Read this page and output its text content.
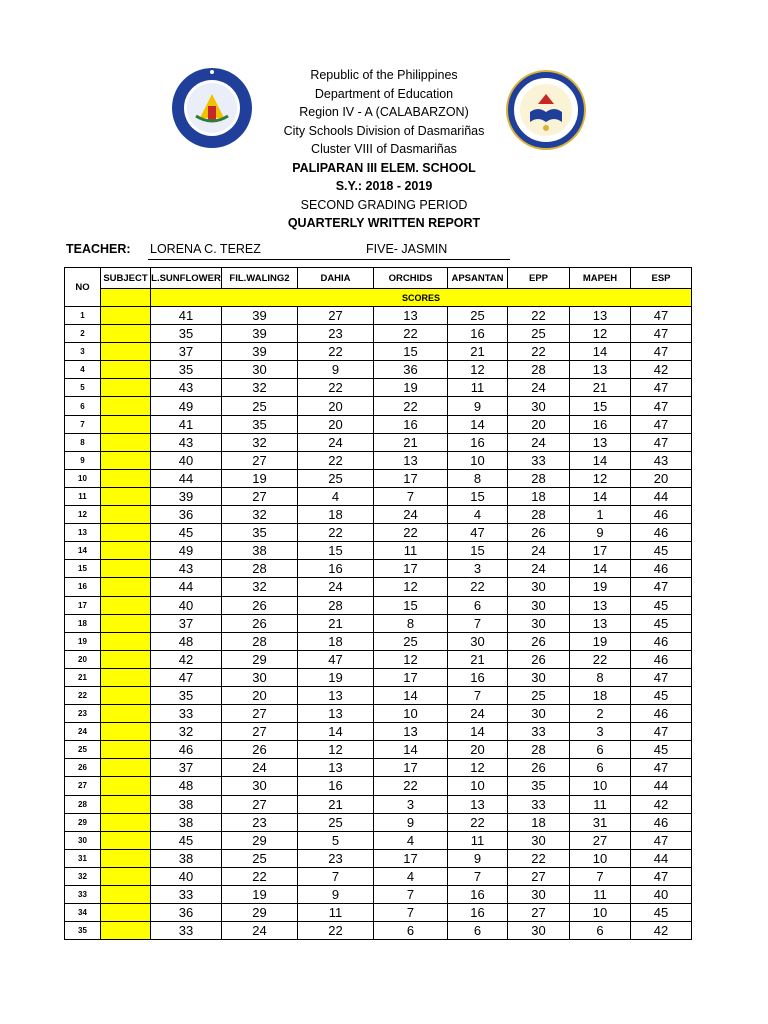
Republic of the Philippines
Department of Education
Region IV - A (CALABARZON)
City Schools Division of Dasmariñas
Cluster VIII of Dasmariñas
PALIPARAN III ELEM. SCHOOL
S.Y.: 2018 - 2019
SECOND GRADING PERIOD
QUARTERLY WRITTEN REPORT
TEACHER: LORENA C. TEREZ	FIVE- JASMIN
NO	SUBJECT	L.SUNFLOWER	FIL.WALING2	DAHIA	ORCHIDS	APSANTAN	EPP	MAPEH	ESP
		SCORES							
1		41	39	27	13	25	22	13	47
2		35	39	23	22	16	25	12	47
3		37	39	22	15	21	22	14	47
4		35	30	9	36	12	28	13	42
5		43	32	22	19	11	24	21	47
6		49	25	20	22	9	30	15	47
7		41	35	20	16	14	20	16	47
8		43	32	24	21	16	24	13	47
9		40	27	22	13	10	33	14	43
10		44	19	25	17	8	28	12	20
11		39	27	4	7	15	18	14	44
12		36	32	18	24	4	28	1	46
13		45	35	22	22	47	26	9	46
14		49	38	15	11	15	24	17	45
15		43	28	16	17	3	24	14	46
16		44	32	24	12	22	30	19	47
17		40	26	28	15	6	30	13	45
18		37	26	21	8	7	30	13	45
19		48	28	18	25	30	26	19	46
20		42	29	47	12	21	26	22	46
21		47	30	19	17	16	30	8	47
22		35	20	13	14	7	25	18	45
23		33	27	13	10	24	30	2	46
24		32	27	14	13	14	33	3	47
25		46	26	12	14	20	28	6	45
26		37	24	13	17	12	26	6	47
27		48	30	16	22	10	35	10	44
28		38	27	21	3	13	33	11	42
29		38	23	25	9	22	18	31	46
30		45	29	5	4	11	30	27	47
31		38	25	23	17	9	22	10	44
32		40	22	7	4	7	27	7	47
33		33	19	9	7	16	30	11	40
34		36	29	11	7	16	27	10	45
35		33	24	22	6	6	30	6	42
